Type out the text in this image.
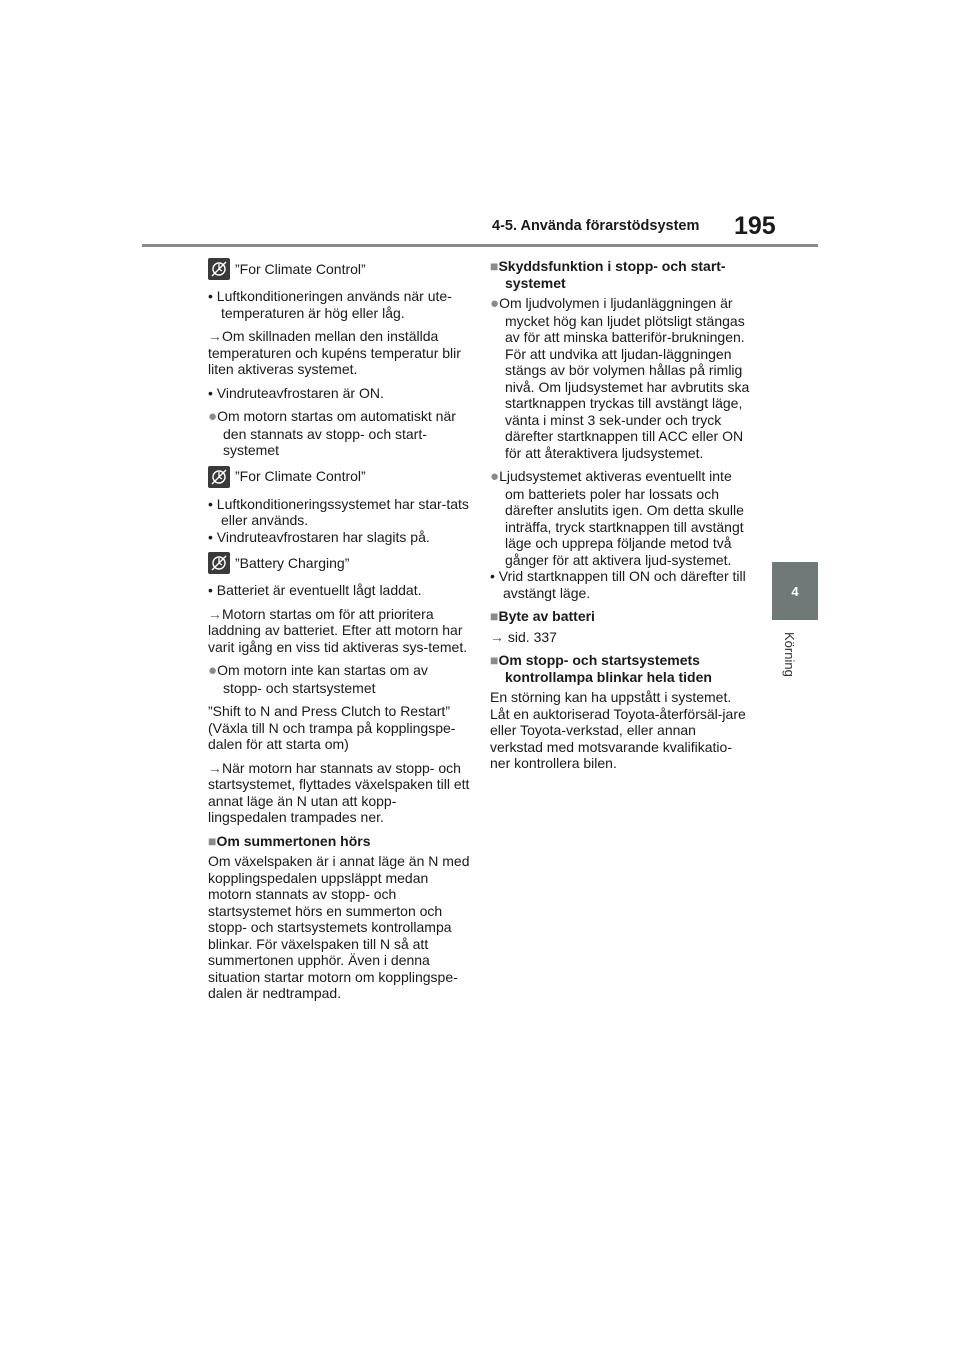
4-5. Använda förarstödsystem 195
4
Körning
”For Climate Control”

• Luftkonditioneringen används när ute-temperaturen är hög eller låg.

→Om skillnaden mellan den inställda temperaturen och kupéns temperatur blir liten aktiveras systemet.

• Vindruteavfrostaren är ON.

●Om motorn startas om automatiskt när den stannats av stopp- och start-systemet

”For Climate Control”

• Luftkonditioneringssystemet har star-tats eller används.

• Vindruteavfrostaren har slagits på.

”Battery Charging”

• Batteriet är eventuellt lågt laddat.

→Motorn startas om för att prioritera laddning av batteriet. Efter att motorn har varit igång en viss tid aktiveras sys-temet.

●Om motorn inte kan startas om av stopp- och startsystemet

”Shift to N and Press Clutch to Restart” (Växla till N och trampa på kopplingspe-dalen för att starta om)

→När motorn har stannats av stopp- och startsystemet, flyttades växelspaken till ett annat läge än N utan att kopp-lingspedalen trampades ner.

■Om summertonen hörs

Om växelspaken är i annat läge än N med kopplingspedalen uppsläppt medan motorn stannats av stopp- och startsystemet hörs en summerton och stopp- och startsystemets kontrollampa blinkar. För växelspaken till N så att summertonen upphör. Även i denna situation startar motorn om kopplingspe-dalen är nedtrampad.

■Skyddsfunktion i stopp- och start-systemet

●Om ljudvolymen i ljudanläggningen är mycket hög kan ljudet plötsligt stängas av för att minska batteriför-brukningen. För att undvika att ljudan-läggningen stängs av bör volymen hållas på rimlig nivå. Om ljudsystemet har avbrutits ska startknappen tryckas till avstängt läge, vänta i minst 3 sek-under och tryck därefter startknappen till ACC eller ON för att återaktivera ljudsystemet.

●Ljudsystemet aktiveras eventuellt inte om batteriets poler har lossats och därefter anslutits igen. Om detta skulle inträffa, tryck startknappen till avstängt läge och upprepa följande metod två gånger för att aktivera ljud-systemet.

• Vrid startknappen till ON och därefter till avstängt läge.

■Byte av batteri

→ sid. 337

■Om stopp- och startsystemets kontrollampa blinkar hela tiden

En störning kan ha uppstått i systemet. Låt en auktoriserad Toyota-återförsäl-jare eller Toyota-verkstad, eller annan verkstad med motsvarande kvalifikatio-ner kontrollera bilen.
